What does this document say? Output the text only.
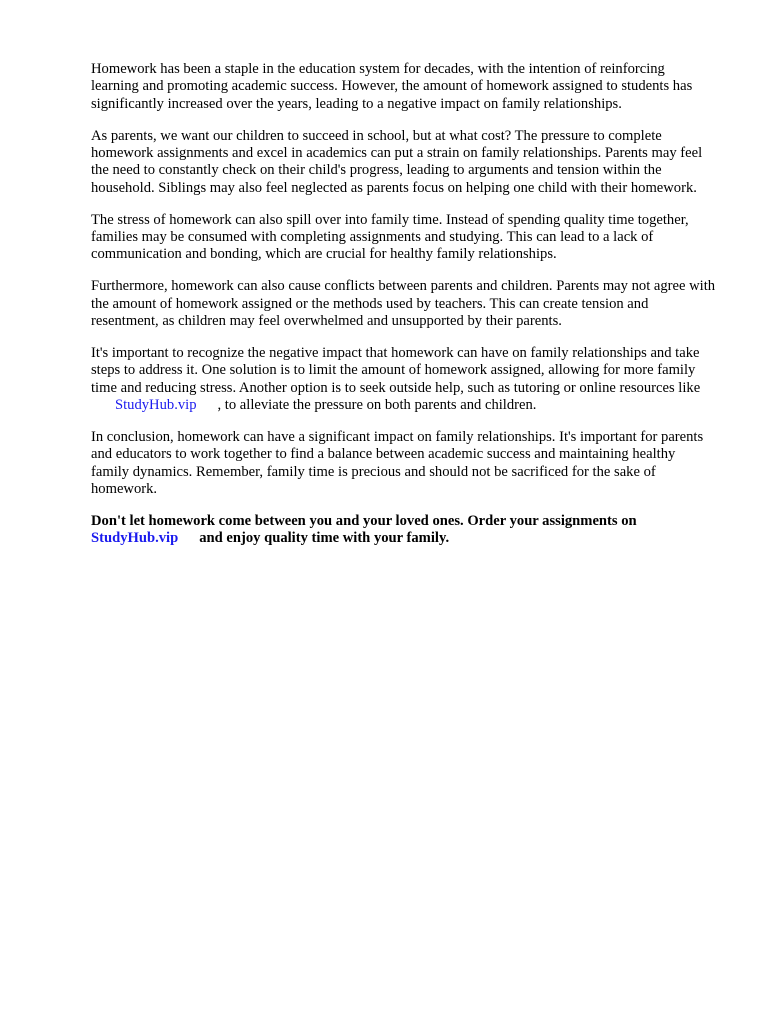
Homework has been a staple in the education system for decades, with the intention of reinforcing learning and promoting academic success. However, the amount of homework assigned to students has significantly increased over the years, leading to a negative impact on family relationships.

As parents, we want our children to succeed in school, but at what cost? The pressure to complete homework assignments and excel in academics can put a strain on family relationships. Parents may feel the need to constantly check on their child's progress, leading to arguments and tension within the household. Siblings may also feel neglected as parents focus on helping one child with their homework.

The stress of homework can also spill over into family time. Instead of spending quality time together, families may be consumed with completing assignments and studying. This can lead to a lack of communication and bonding, which are crucial for healthy family relationships.

Furthermore, homework can also cause conflicts between parents and children. Parents may not agree with the amount of homework assigned or the methods used by teachers. This can create tension and resentment, as children may feel overwhelmed and unsupported by their parents.

It's important to recognize the negative impact that homework can have on family relationships and take steps to address it. One solution is to limit the amount of homework assigned, allowing for more family time and reducing stress. Another option is to seek outside help, such as tutoring or online resources likeStudyHub.vip , to alleviate the pressure on both parents and children.

In conclusion, homework can have a significant impact on family relationships. It's important for parents and educators to work together to find a balance between academic success and maintaining healthy family dynamics. Remember, family time is precious and should not be sacrificed for the sake of homework.

Don't let homework come between you and your loved ones. Order your assignments on
StudyHub.vip and enjoy quality time with your family.
